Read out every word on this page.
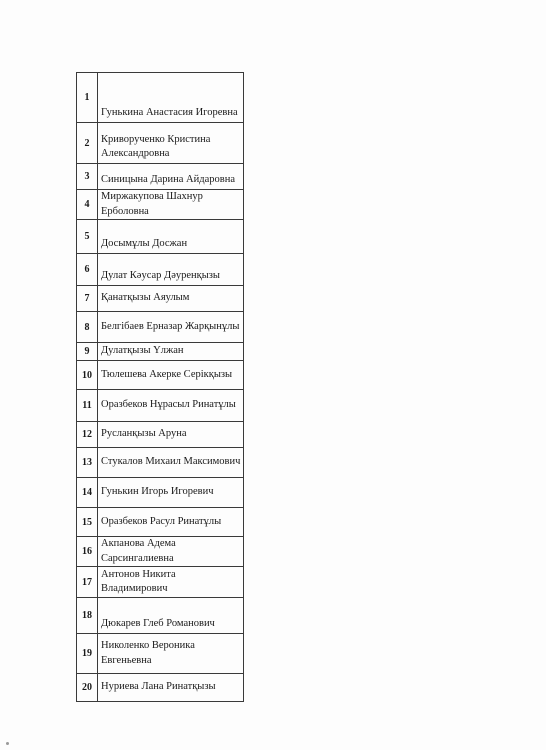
1	Гунькина Анастасия Игоревна
2	Криворученко Кристина Александровна
3	Синицына Дарина Айдаровна
4	Миржакупова Шахнур Ерболовна
5	Досымұлы Досжан
6	Дулат Кәусар Дәуренқызы
7	Қанатқызы Аяулым
8	Белгібаев Ерназар Жарқынұлы
9	Дулатқызы Үлжан
10	Тюлешева Акерке Серікқызы
11	Оразбеков Нұрасыл Ринатұлы
12	Русланқызы Аруна
13	Стукалов Михаил Максимович
14	Гунькин Игорь Игоревич
15	Оразбеков Расул Ринатұлы
16	Акпанова Адема Сарсингалиевна
17	Антонов Никита Владимирович
18	Дюкарев Глеб Романович
19	Николенко Вероника Евгеньевна
20	Нуриева Лана Ринатқызы
